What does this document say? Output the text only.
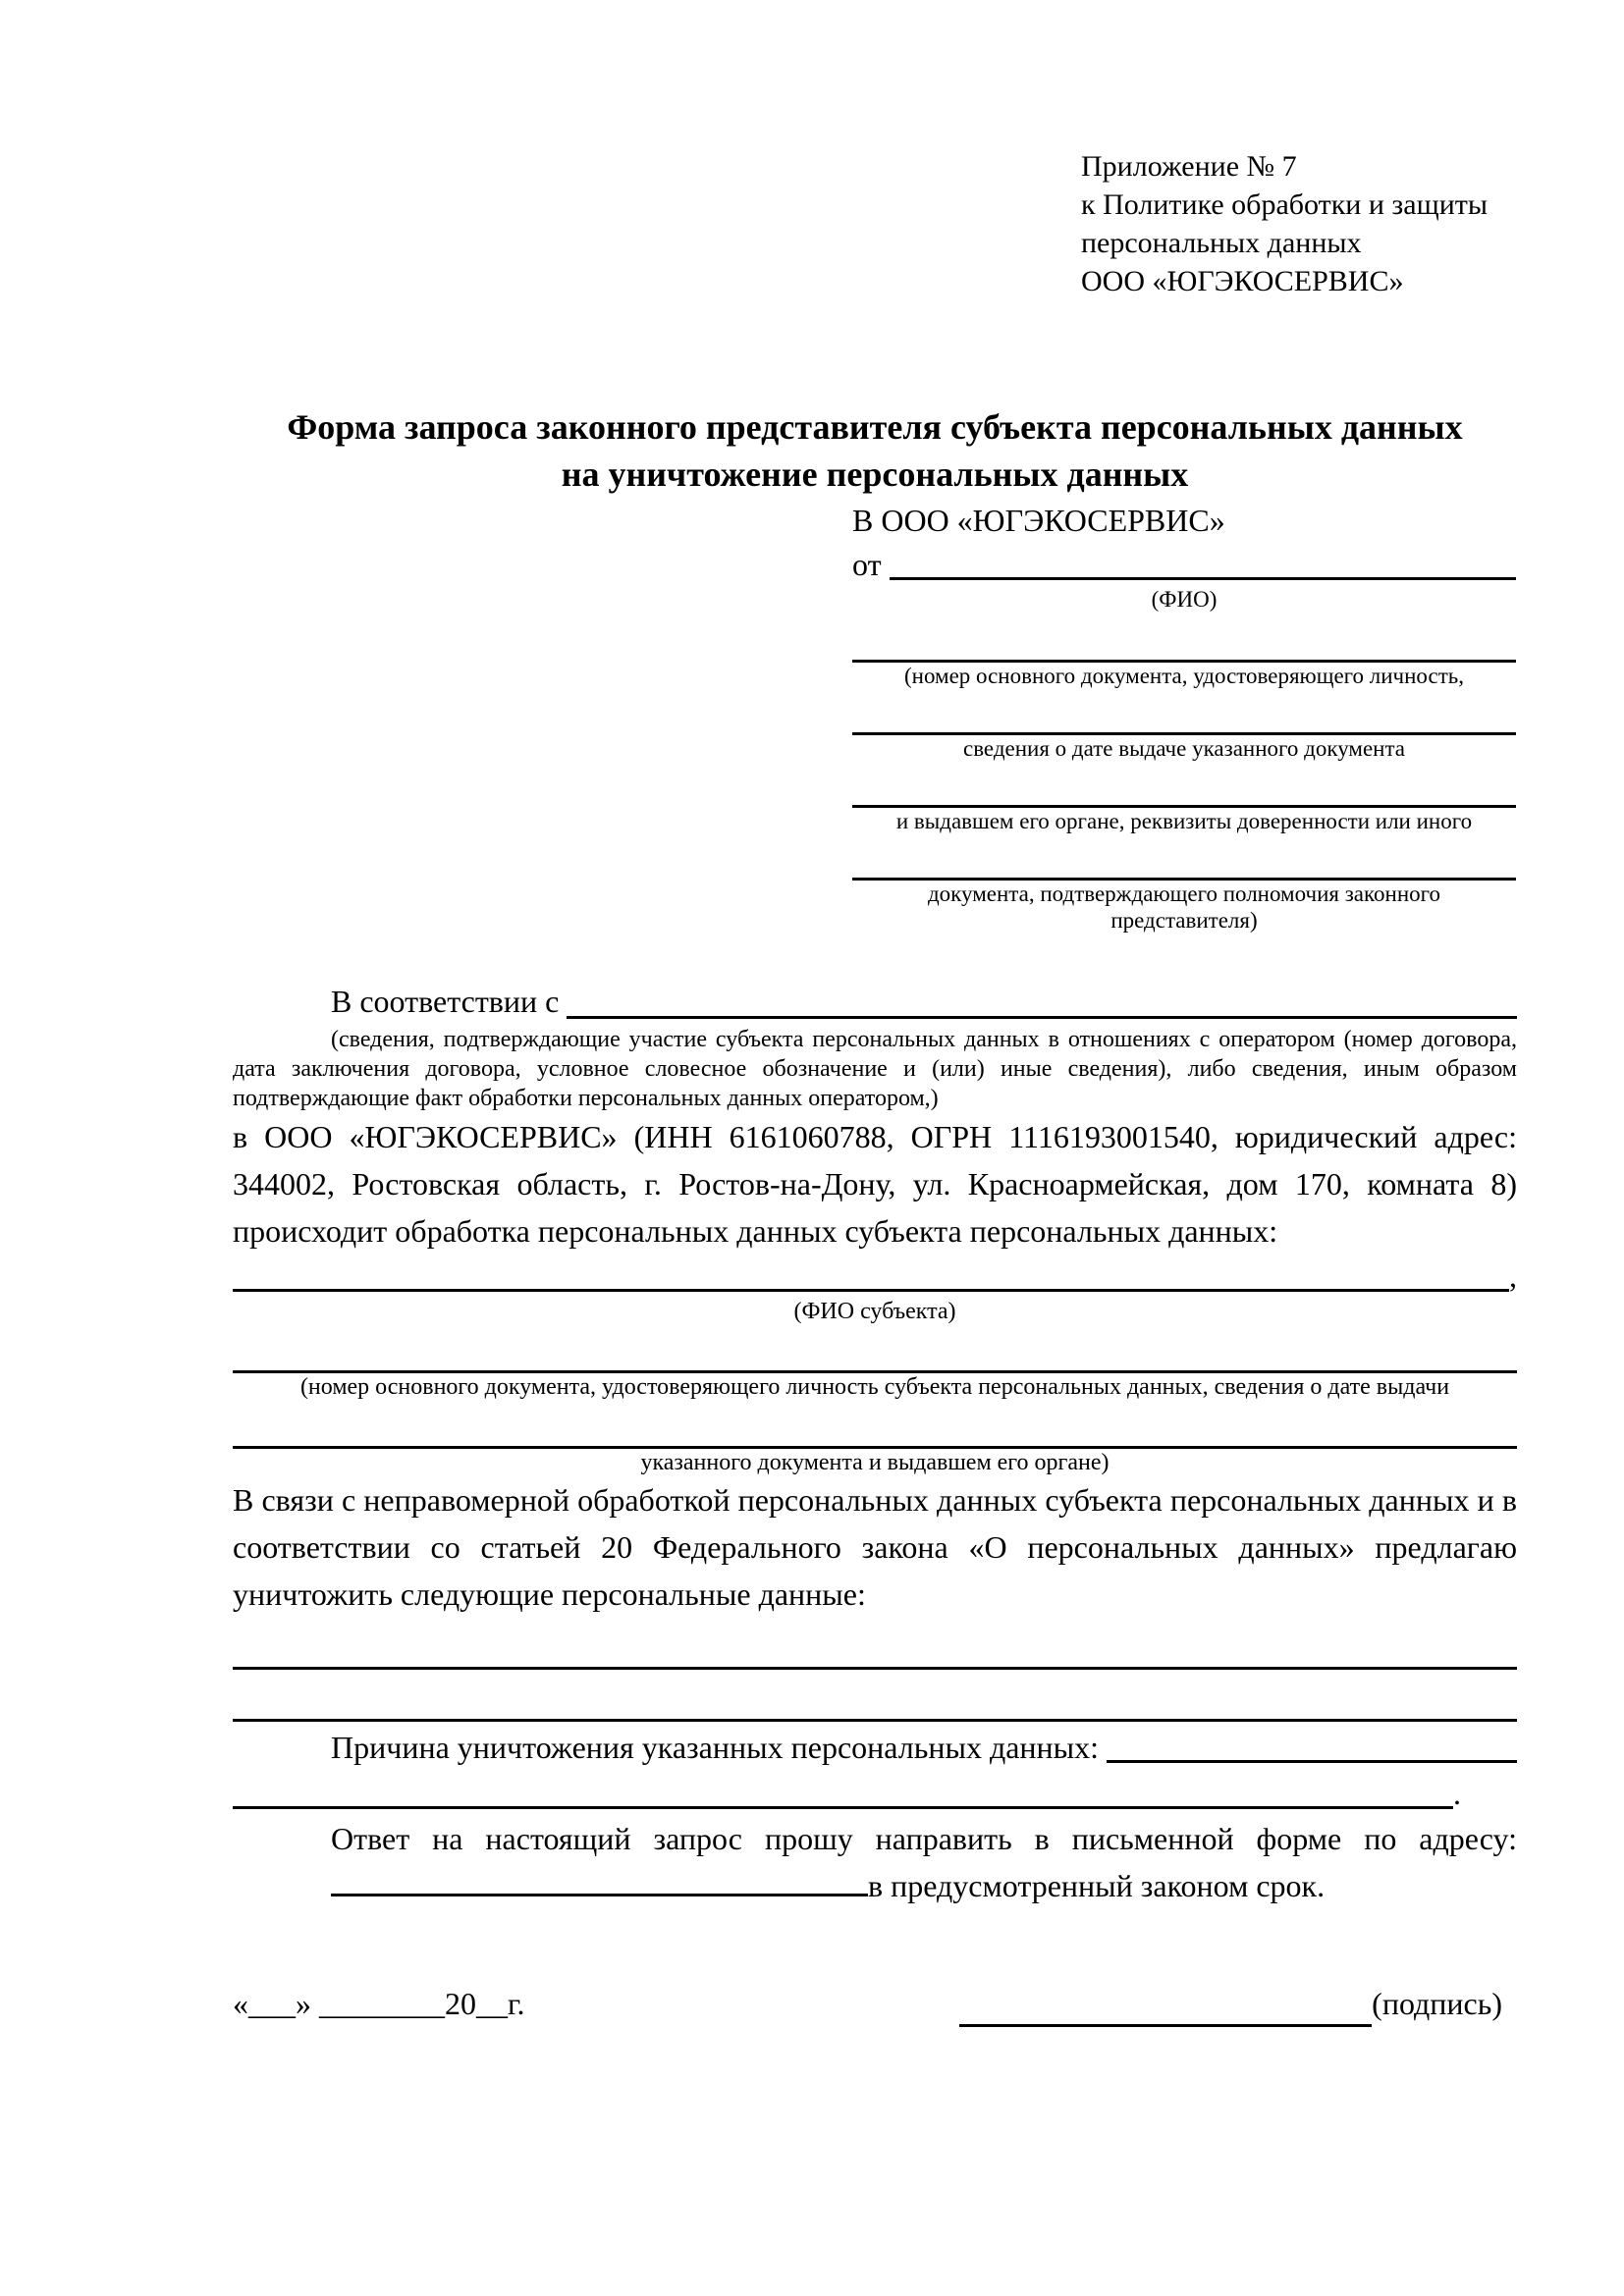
Приложение № 7
к Политике обработки и защиты
персональных данных
ООО «ЮГЭКОСЕРВИС»
Форма запроса законного представителя субъекта персональных данных
на уничтожение персональных данных
В ООО «ЮГЭКОСЕРВИС»
от
(ФИО)
(номер основного документа, удостоверяющего личность,
сведения о дате выдаче указанного документа
и выдавшем его органе, реквизиты доверенности или иного
документа, подтверждающего полномочия законного представителя)
В соответствии с

(сведения, подтверждающие участие субъекта персональных данных в отношениях с оператором (номер договора, дата заключения договора, условное словесное обозначение и (или) иные сведения), либо сведения, иным образом подтверждающие факт обработки персональных данных оператором,)

в ООО «ЮГЭКОСЕРВИС» (ИНН 6161060788, ОГРН 1116193001540, юридический адрес: 344002, Ростовская область, г. Ростов-на-Дону, ул. Красноармейская, дом 170, комната 8) происходит обработка персональных данных субъекта персональных данных:

,
(ФИО субъекта)
(номер основного документа, удостоверяющего личность субъекта персональных данных, сведения о дате выдачи
указанного документа и выдавшем его органе)

В связи с неправомерной обработкой персональных данных субъекта персональных данных и в соответствии со статьей 20 Федерального закона «О персональных данных» предлагаю уничтожить следующие персональные данные:

Причина уничтожения указанных персональных данных:
.

Ответ на настоящий запрос прошу направить в письменной форме по адресу:в предусмотренный законом срок.

«___» ________20__г.	(подпись)
